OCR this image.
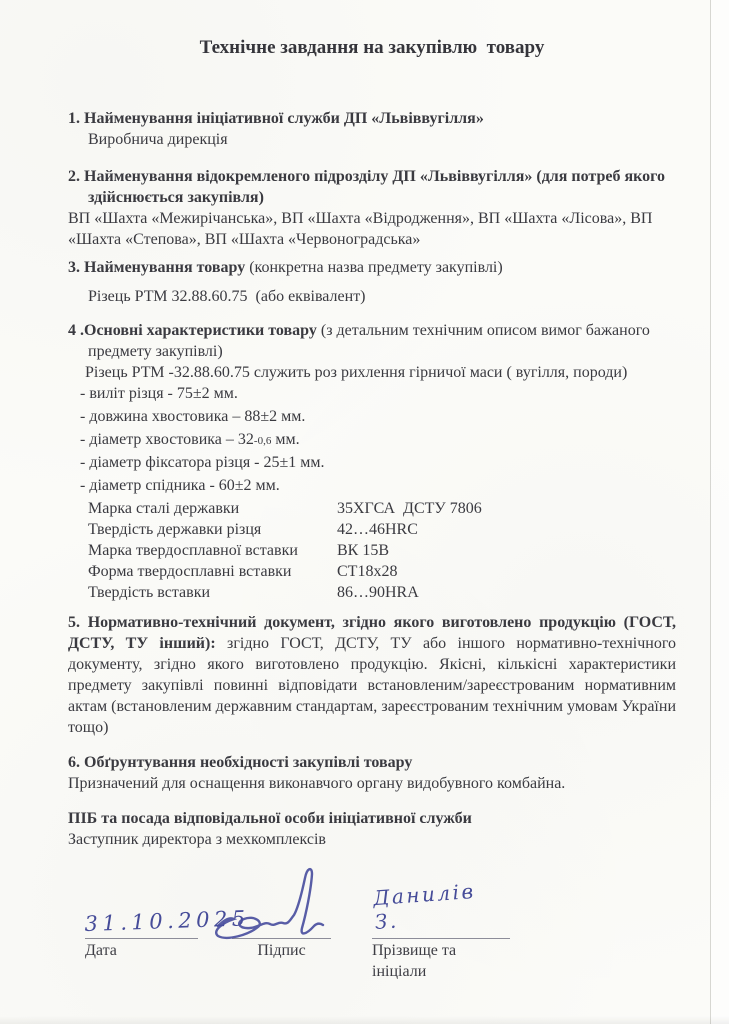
Технічне завдання на закупівлю  товару
1. Найменування ініціативної служби ДП «Львіввугілля»
Виробнича дирекція
2. Найменування відокремленого підрозділу ДП «Львіввугілля» (для потреб якого здійснюється закупівля)
ВП «Шахта «Межирічанська», ВП «Шахта «Відродження», ВП «Шахта «Лісова», ВП «Шахта «Степова», ВП «Шахта «Червоноградська»
3. Найменування товару (конкретна назва предмету закупівлі)
Різець РТМ 32.88.60.75  (або еквівалент)
4 .Основні характеристики товару (з детальним технічним описом вимог бажаного предмету закупівлі)
Різець РТМ -32.88.60.75 служить роз рихлення гірничої маси ( вугілля, породи)
- виліт різця - 75±2 мм.
- довжина хвостовика – 88±2 мм.
- діаметр хвостовика – 32-0,6 мм.
- діаметр фіксатора різця - 25±1 мм.
- діаметр спідника - 60±2 мм.
Марка сталі державки	35ХГСА  ДСТУ 7806
Твердість державки різця	42…46HRC
Марка твердосплавної вставки	ВК 15В
Форма твердосплавні вставки	СТ18х28
Твердість вставки	86…90HRA

5. Нормативно-технічний документ, згідно якого виготовлено продукцію (ГОСТ, ДСТУ, ТУ інший): згідно ГОСТ, ДСТУ, ТУ або іншого нормативно-технічного документу, згідно якого виготовлено продукцію. Якісні, кількісні характеристики предмету закупівлі повинні відповідати встановленим/зареєстрованим нормативним актам (встановленим державним стандартам, зареєстрованим технічним умовам України тощо)

6. Обґрунтування необхідності закупівлі товару
Призначений для оснащення виконавчого органу видобувного комбайна.
ПІБ та посада відповідальної особи ініціативної служби
Заступник директора з мехкомплексів
31.10.2025
Дата	Підпис
Данилів З.
Прізвище та ініціали
